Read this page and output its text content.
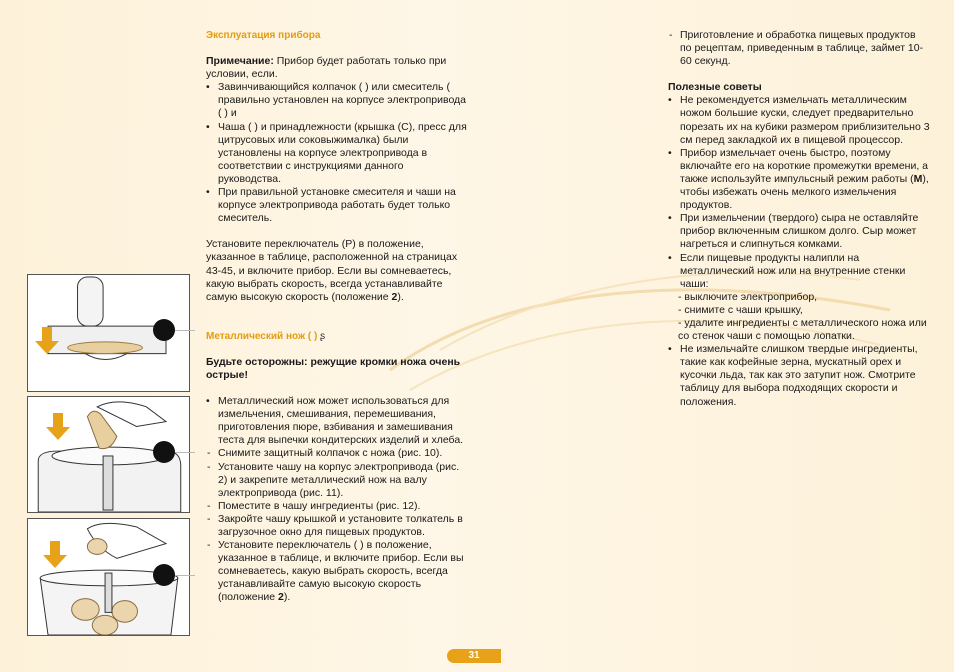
Эксплуатация прибора

Примечание: Прибор будет работать только при условии, если.

• Завинчивающийся колпачок ( ) или смеситель ( правильно установлен на корпусе электропривода ( ) и

• Чаша ( ) и принадлежности (крышка (С), пресс для цитрусовых или соковыжималка) были установлены на корпусе электропривода в соответствии с инструкциями данного руководства.

• При правильной установке смесителя и чаши на корпусе электропривода работать будет только смеситель.

Установите переключатель (P) в положение, указанное в таблице, расположенной на страницах 43-45, и включите прибор. Если вы сомневаетесь, какую выбрать скорость, всегда устанавливайте самую высокую скорость (положение 2).

Металлический нож ( ) ʂ

Будьте осторожны: режущие кромки ножа очень острые!

• Металлический нож может использоваться для измельчения, смешивания, перемешивания, приготовления пюре, взбивания и замешивания теста для выпечки кондитерских изделий и хлеба.

- Снимите защитный колпачок с ножа (рис. 10).

- Установите чашу на корпус электропривода (рис. 2) и закрепите металлический нож на валу электропривода (рис. 11).

- Поместите в чашу ингредиенты (рис. 12).

- Закройте чашу крышкой и установите толкатель в загрузочное окно для пищевых продуктов.

- Установите переключатель ( ) в положение, указанное в таблице, и включите прибор. Если вы сомневаетесь, какую выбрать скорость, всегда устанавливайте самую высокую скорость (положение 2).

- Приготовление и обработка пищевых продуктов по рецептам, приведенным в таблице, займет 10-60 секунд.

Полезные советы

• Не рекомендуется измельчать металлическим ножом большие куски, следует предварительно порезать их на кубики размером приблизительно 3 см перед закладкой их в пищевой процессор.

• Прибор измельчает очень быстро, поэтому включайте его на короткие промежутки времени, а также используйте импульсный режим работы (M), чтобы избежать очень мелкого измельчения продуктов.

• При измельчении (твердого) сыра не оставляйте прибор включенным слишком долго. Сыр может нагреться и слипнуться комками.

• Если пищевые продукты налипли на металлический нож или на внутренние стенки чаши:

- выключите электроприбор,

- снимите с чаши крышку,

- удалите ингредиенты с металлического ножа или со стенок чаши с помощью лопатки.

• Не измельчайте слишком твердые ингредиенты, такие как кофейные зерна, мускатный орех и кусочки льда, так как это затупит нож. Смотрите таблицу для выбора подходящих скорости и положения.

31
